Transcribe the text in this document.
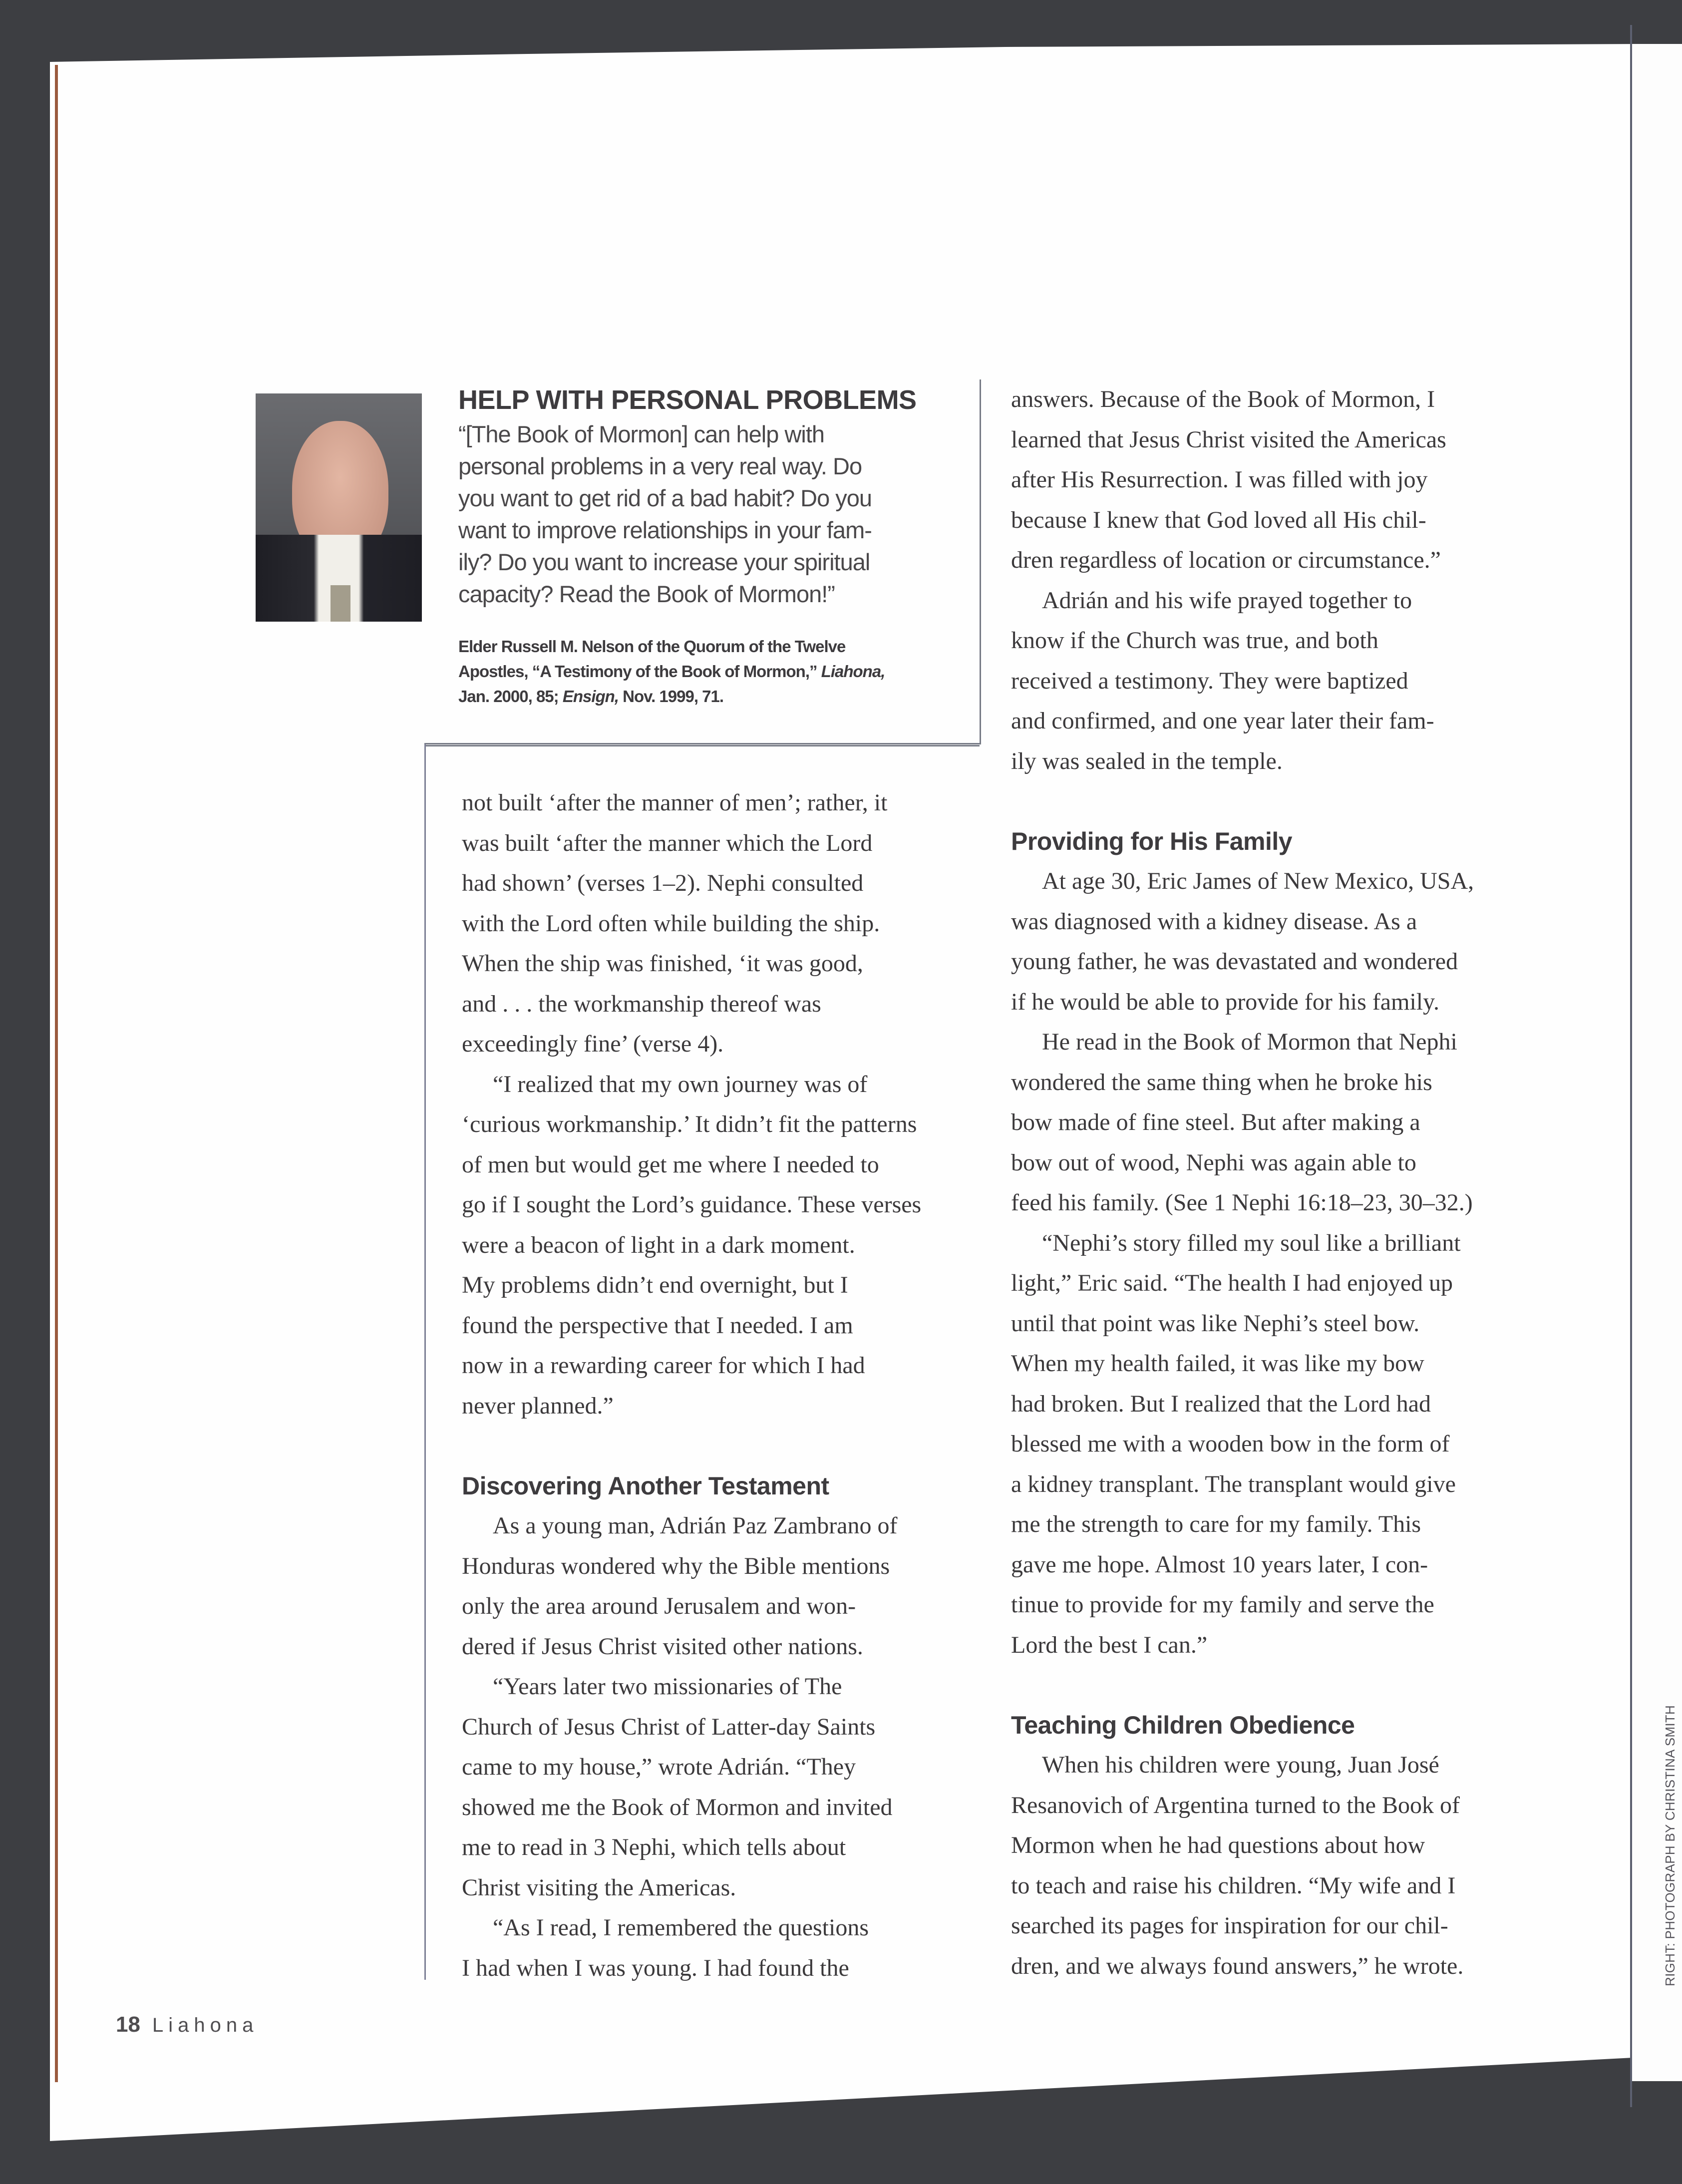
HELP WITH PERSONAL PROBLEMS
“[The Book of Mormon] can help with
personal problems in a very real way. Do
you want to get rid of a bad habit? Do you
want to improve relationships in your fam-
ily? Do you want to increase your spiritual
capacity? Read the Book of Mormon!”
Elder Russell M. Nelson of the Quorum of the Twelve
Apostles, “A Testimony of the Book of Mormon,” Liahona,
Jan. 2000, 85; Ensign, Nov. 1999, 71.
not built ‘after the manner of men’; rather, it
was built ‘after the manner which the Lord
had shown’ (verses 1–2). Nephi consulted
with the Lord often while building the ship.
When the ship was finished, ‘it was good,
and . . . the workmanship thereof was
exceedingly fine’ (verse 4).
“I realized that my own journey was of
‘curious workmanship.’ It didn’t fit the patterns
of men but would get me where I needed to
go if I sought the Lord’s guidance. These verses
were a beacon of light in a dark moment.
My problems didn’t end overnight, but I
found the perspective that I needed. I am
now in a rewarding career for which I had
never planned.”
Discovering Another Testament
As a young man, Adrián Paz Zambrano of
Honduras wondered why the Bible mentions
only the area around Jerusalem and won-
dered if Jesus Christ visited other nations.
“Years later two missionaries of The
Church of Jesus Christ of Latter-day Saints
came to my house,” wrote Adrián. “They
showed me the Book of Mormon and invited
me to read in 3 Nephi, which tells about
Christ visiting the Americas.
“As I read, I remembered the questions
I had when I was young. I had found the
answers. Because of the Book of Mormon, I
learned that Jesus Christ visited the Americas
after His Resurrection. I was filled with joy
because I knew that God loved all His chil-
dren regardless of location or circumstance.”
Adrián and his wife prayed together to
know if the Church was true, and both
received a testimony. They were baptized
and confirmed, and one year later their fam-
ily was sealed in the temple.
Providing for His Family
At age 30, Eric James of New Mexico, USA,
was diagnosed with a kidney disease. As a
young father, he was devastated and wondered
if he would be able to provide for his family.
He read in the Book of Mormon that Nephi
wondered the same thing when he broke his
bow made of fine steel. But after making a
bow out of wood, Nephi was again able to
feed his family. (See 1 Nephi 16:18–23, 30–32.)
“Nephi’s story filled my soul like a brilliant
light,” Eric said. “The health I had enjoyed up
until that point was like Nephi’s steel bow.
When my health failed, it was like my bow
had broken. But I realized that the Lord had
blessed me with a wooden bow in the form of
a kidney transplant. The transplant would give
me the strength to care for my family. This
gave me hope. Almost 10 years later, I con-
tinue to provide for my family and serve the
Lord the best I can.”
Teaching Children Obedience
When his children were young, Juan José
Resanovich of Argentina turned to the Book of
Mormon when he had questions about how
to teach and raise his children. “My wife and I
searched its pages for inspiration for our chil-
dren, and we always found answers,” he wrote.
18 Liahona
RIGHT: PHOTOGRAPH BY CHRISTINA SMITH
